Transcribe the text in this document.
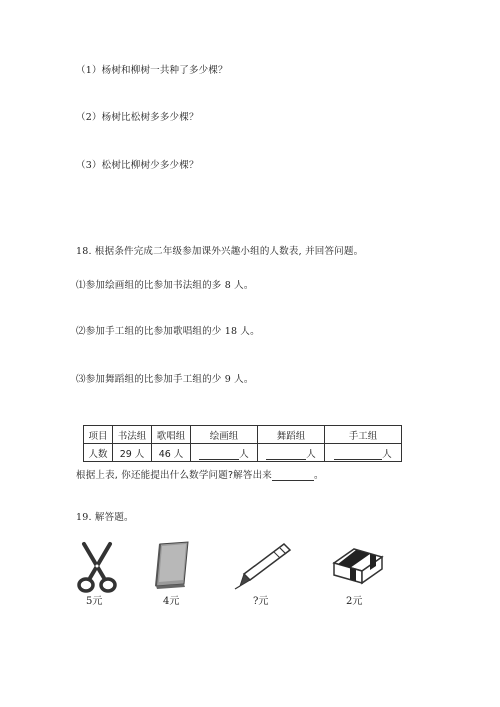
（1）杨树和柳树一共种了多少棵？
（2）杨树比松树多多少棵？
（3）松树比柳树少多少棵？
18. 根据条件完成二年级参加课外兴趣小组的人数表, 并回答问题。
⑴参加绘画组的比参加书法组的多 8 人。
⑵参加手工组的比参加歌唱组的少 18 人。
⑶参加舞蹈组的比参加手工组的少 9 人。
项目	书法组	歌唱组	绘画组	舞蹈组	手工组
人数	29 人	46 人	人	人	人
根据上表, 你还能提出什么数学问题?解答出来	。
19. 解答题。
5元	4元	?元	2元
